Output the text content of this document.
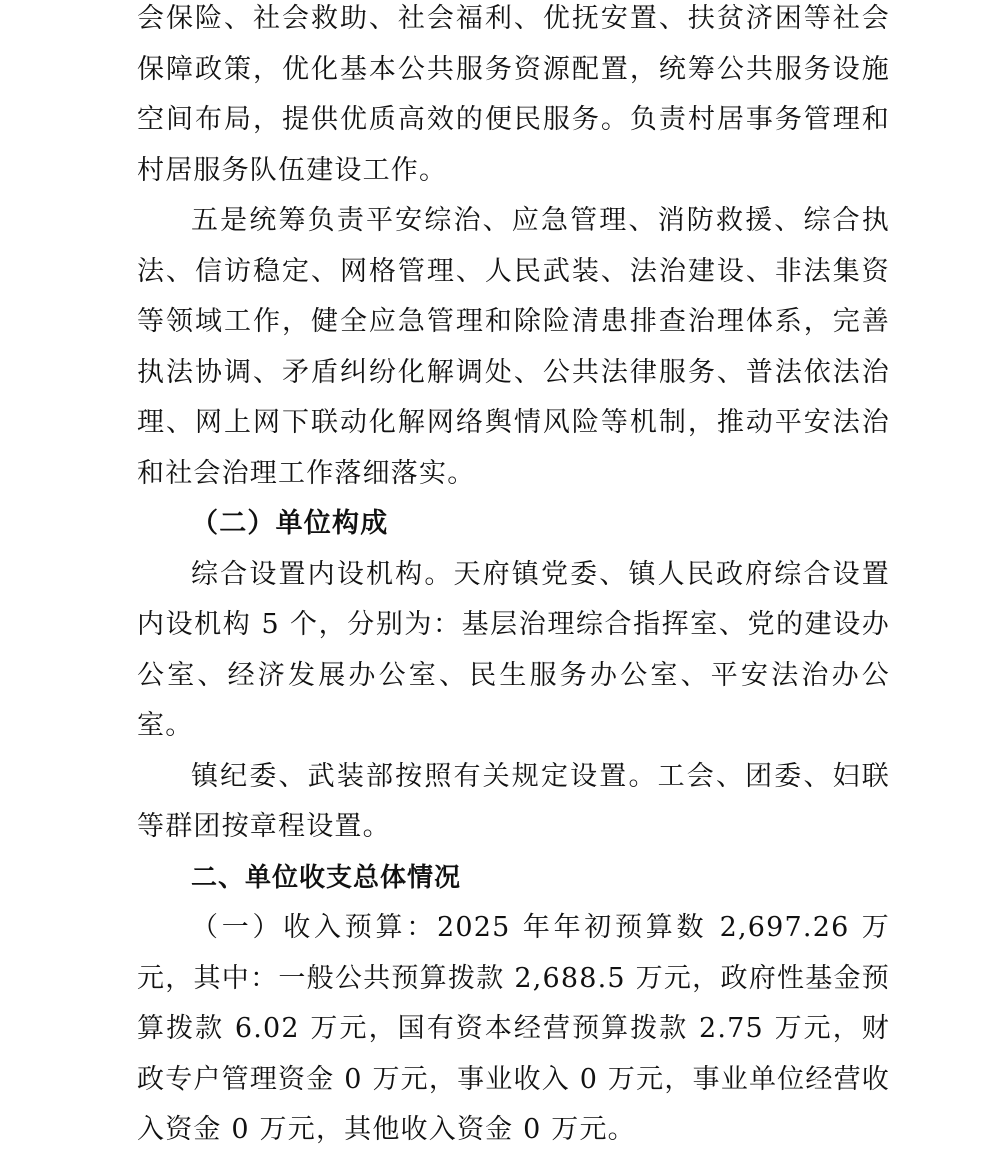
会保险、社会救助、社会福利、优抚安置、扶贫济困等社会保障政策，优化基本公共服务资源配置，统筹公共服务设施空间布局，提供优质高效的便民服务。负责村居事务管理和村居服务队伍建设工作。

五是统筹负责平安综治、应急管理、消防救援、综合执法、信访稳定、网格管理、人民武装、法治建设、非法集资等领域工作，健全应急管理和除险清患排查治理体系，完善执法协调、矛盾纠纷化解调处、公共法律服务、普法依法治理、网上网下联动化解网络舆情风险等机制，推动平安法治和社会治理工作落细落实。

（二）单位构成

综合设置内设机构。天府镇党委、镇人民政府综合设置内设机构 5 个，分别为：基层治理综合指挥室、党的建设办公室、经济发展办公室、民生服务办公室、平安法治办公室。

镇纪委、武装部按照有关规定设置。工会、团委、妇联等群团按章程设置。

二、单位收支总体情况

（一）收入预算：2025 年年初预算数 2,697.26 万元，其中：一般公共预算拨款 2,688.5 万元，政府性基金预算拨款 6.02 万元，国有资本经营预算拨款 2.75 万元，财政专户管理资金 0 万元，事业收入 0 万元，事业单位经营收入资金 0 万元，其他收入资金 0 万元。
